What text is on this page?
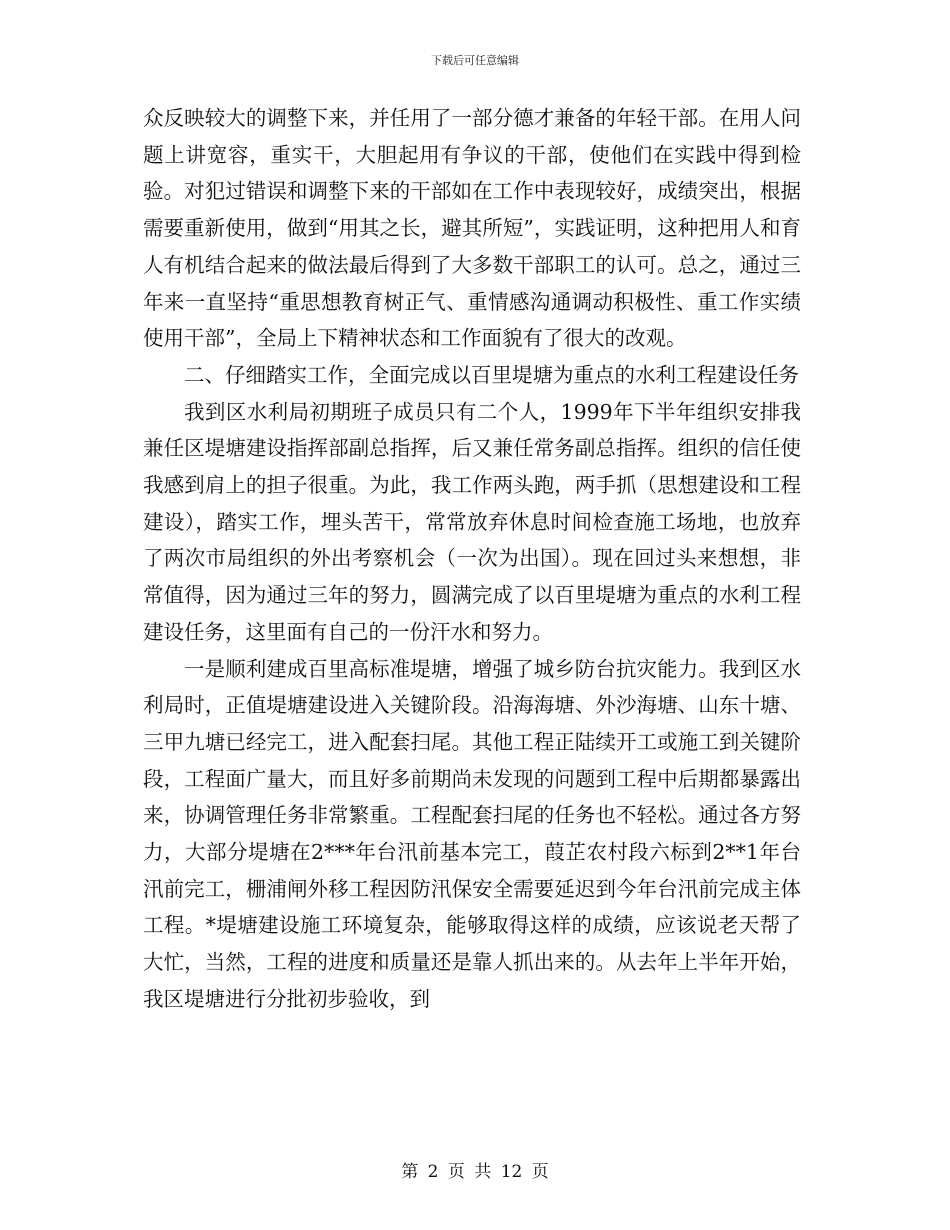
下载后可任意编辑

众反映较大的调整下来，并任用了一部分德才兼备的年轻干部。在用人问题上讲宽容，重实干，大胆起用有争议的干部，使他们在实践中得到检验。对犯过错误和调整下来的干部如在工作中表现较好，成绩突出，根据需要重新使用，做到“用其之长，避其所短”，实践证明，这种把用人和育人有机结合起来的做法最后得到了大多数干部职工的认可。总之，通过三年来一直坚持“重思想教育树正气、重情感沟通调动积极性、重工作实绩使用干部”，全局上下精神状态和工作面貌有了很大的改观。

二、仔细踏实工作，全面完成以百里堤塘为重点的水利工程建设任务

我到区水利局初期班子成员只有二个人，1999年下半年组织安排我兼任区堤塘建设指挥部副总指挥，后又兼任常务副总指挥。组织的信任使我感到肩上的担子很重。为此，我工作两头跑，两手抓（思想建设和工程建设），踏实工作，埋头苦干，常常放弃休息时间检查施工场地，也放弃了两次市局组织的外出考察机会（一次为出国）。现在回过头来想想，非常值得，因为通过三年的努力，圆满完成了以百里堤塘为重点的水利工程建设任务，这里面有自己的一份汗水和努力。

一是顺利建成百里高标准堤塘，增强了城乡防台抗灾能力。我到区水利局时，正值堤塘建设进入关键阶段。沿海海塘、外沙海塘、山东十塘、三甲九塘已经完工，进入配套扫尾。其他工程正陆续开工或施工到关键阶段，工程面广量大，而且好多前期尚未发现的问题到工程中后期都暴露出来，协调管理任务非常繁重。工程配套扫尾的任务也不轻松。通过各方努力，大部分堤塘在2***年台汛前基本完工，葭芷农村段六标到2**1年台汛前完工，栅浦闸外移工程因防汛保安全需要延迟到今年台汛前完成主体工程。*堤塘建设施工环境复杂，能够取得这样的成绩，应该说老天帮了大忙，当然，工程的进度和质量还是靠人抓出来的。从去年上半年开始，我区堤塘进行分批初步验收，到

第 2 页 共 12 页
